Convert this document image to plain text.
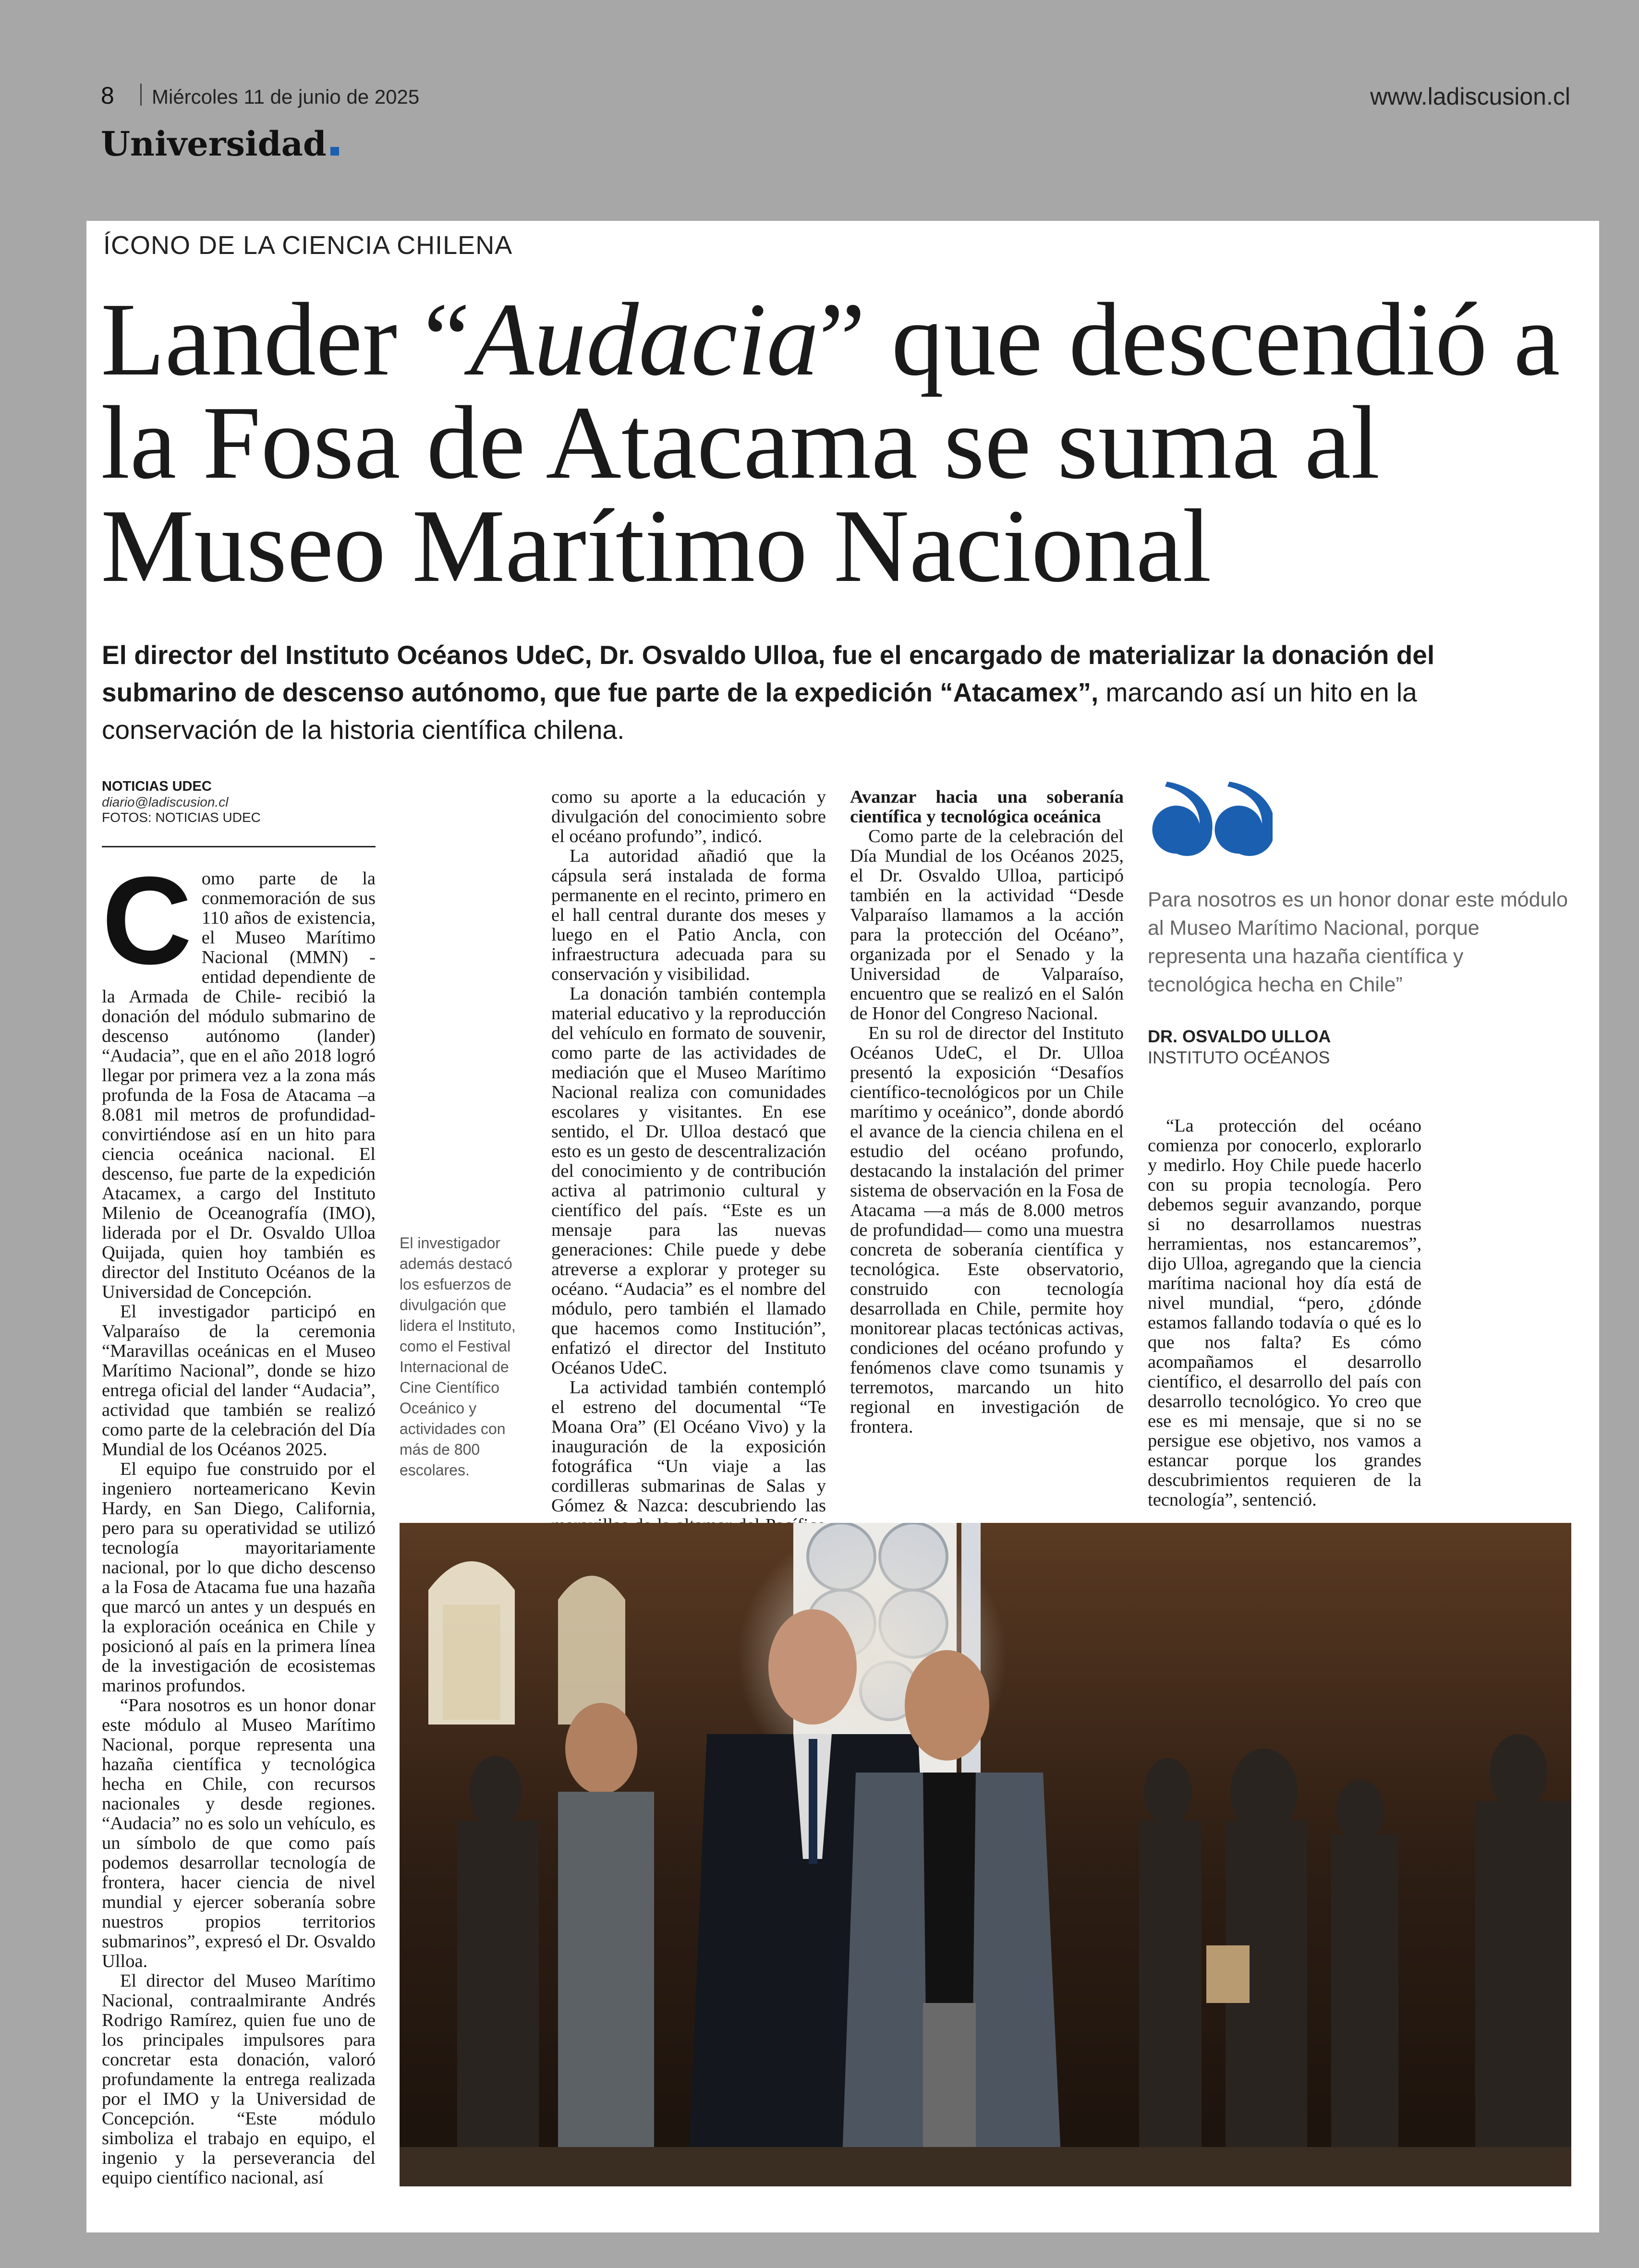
8 Miércoles 11 de junio de 2025	www.ladiscusion.cl
Universidad
ÍCONO DE LA CIENCIA CHILENA
Lander “Audacia” que descendió a la Fosa de Atacama se suma al Museo Marítimo Nacional
El director del Instituto Océanos UdeC, Dr. Osvaldo Ulloa, fue el encargado de materializar la donación del submarino de descenso autónomo, que fue parte de la expedición “Atacamex”, marcando así un hito en la conservación de la historia científica chilena.
NOTICIAS UDEC
diario@ladiscusion.cl
FOTOS: NOTICIAS UDEC

Como parte de la conmemoración de sus 110 años de existencia, el Museo Marítimo Nacional (MMN) -entidad dependiente de la Armada de Chile- recibió la donación del módulo submarino de descenso autónomo (lander) “Audacia”, que en el año 2018 logró llegar por primera vez a la zona más profunda de la Fosa de Atacama –a 8.081 mil metros de profundidad- convirtiéndose así en un hito para ciencia oceánica nacional. El descenso, fue parte de la expedición Atacamex, a cargo del Instituto Milenio de Oceanografía (IMO), liderada por el Dr. Osvaldo Ulloa Quijada, quien hoy también es director del Instituto Océanos de la Universidad de Concepción.

El investigador participó en Valparaíso de la ceremonia “Maravillas oceánicas en el Museo Marítimo Nacional”, donde se hizo entrega oficial del lander “Audacia”, actividad que también se realizó como parte de la celebración del Día Mundial de los Océanos 2025.

El equipo fue construido por el ingeniero norteamericano Kevin Hardy, en San Diego, California, pero para su operatividad se utilizó tecnología mayoritariamente nacional, por lo que dicho descenso a la Fosa de Atacama fue una hazaña que marcó un antes y un después en la exploración oceánica en Chile y posicionó al país en la primera línea de la investigación de ecosistemas marinos profundos.

“Para nosotros es un honor donar este módulo al Museo Marítimo Nacional, porque representa una hazaña científica y tecnológica hecha en Chile, con recursos nacionales y desde regiones. “Audacia” no es solo un vehículo, es un símbolo de que como país podemos desarrollar tecnología de frontera, hacer ciencia de nivel mundial y ejercer soberanía sobre nuestros propios territorios submarinos”, expresó el Dr. Osvaldo Ulloa.

El director del Museo Marítimo Nacional, contraalmirante Andrés Rodrigo Ramírez, quien fue uno de los principales impulsores para concretar esta donación, valoró profundamente la entrega realizada por el IMO y la Universidad de Concepción. “Este módulo simboliza el trabajo en equipo, el ingenio y la perseverancia del equipo científico nacional, así

El investigador además destacó los esfuerzos de divulgación que lidera el Instituto, como el Festival Internacional de Cine Científico Oceánico y actividades con más de 800 escolares.

como su aporte a la educación y divulgación del conocimiento sobre el océano profundo”, indicó.

La autoridad añadió que la cápsula será instalada de forma permanente en el recinto, primero en el hall central durante dos meses y luego en el Patio Ancla, con infraestructura adecuada para su conservación y visibilidad.

La donación también contempla material educativo y la reproducción del vehículo en formato de souvenir, como parte de las actividades de mediación que el Museo Marítimo Nacional realiza con comunidades escolares y visitantes. En ese sentido, el Dr. Ulloa destacó que esto es un gesto de descentralización del conocimiento y de contribución activa al patrimonio cultural y científico del país. “Este es un mensaje para las nuevas generaciones: Chile puede y debe atreverse a explorar y proteger su océano. “Audacia” es el nombre del módulo, pero también el llamado que hacemos como Institución”, enfatizó el director del Instituto Océanos UdeC.

La actividad también contempló el estreno del documental “Te Moana Ora” (El Océano Vivo) y la inauguración de la exposición fotográfica “Un viaje a las cordilleras submarinas de Salas y Gómez & Nazca: descubriendo las

Avanzar hacia una soberanía científica y tecnológica oceánica

Como parte de la celebración del Día Mundial de los Océanos 2025, el Dr. Osvaldo Ulloa, participó también en la actividad “Desde Valparaíso llamamos a la acción para la protección del Océano”, organizada por el Senado y la Universidad de Valparaíso, encuentro que se realizó en el Salón de Honor del Congreso Nacional.

En su rol de director del Instituto Océanos UdeC, el Dr. Ulloa presentó la exposición “Desafíos científico-tecnológicos por un Chile marítimo y oceánico”, donde abordó el avance de la ciencia chilena en el estudio del océano profundo, destacando la instalación del primer sistema de observación en la Fosa de Atacama —a más de 8.000 metros de profundidad— como una muestra concreta de soberanía científica y tecnológica. Este observatorio, construido con tecnología desarrollada en Chile, permite hoy monitorear placas tectónicas activas, condiciones del océano profundo y fenómenos clave como tsunamis y terremotos, marcando un hito regional en investigación de frontera.

Para nosotros es un honor donar este módulo al Museo Marítimo Nacional, porque representa una hazaña científica y tecnológica hecha en Chile”
DR. OSVALDO ULLOA
INSTITUTO OCÉANOS

“La protección del océano comienza por conocerlo, explorarlo y medirlo. Hoy Chile puede hacerlo con su propia tecnología. Pero debemos seguir avanzando, porque si no desarrollamos nuestras herramientas, nos estancaremos”, dijo Ulloa, agregando que la ciencia marítima nacional hoy día está de nivel mundial, “pero, ¿dónde estamos fallando todavía o qué es lo que nos falta? Es cómo acompañamos el desarrollo científico, el desarrollo del país con desarrollo tecnológico. Yo creo que ese es mi mensaje, que si no se persigue ese objetivo, nos vamos a estancar porque los grandes descubrimientos requieren de la tecnología”, sentenció.
